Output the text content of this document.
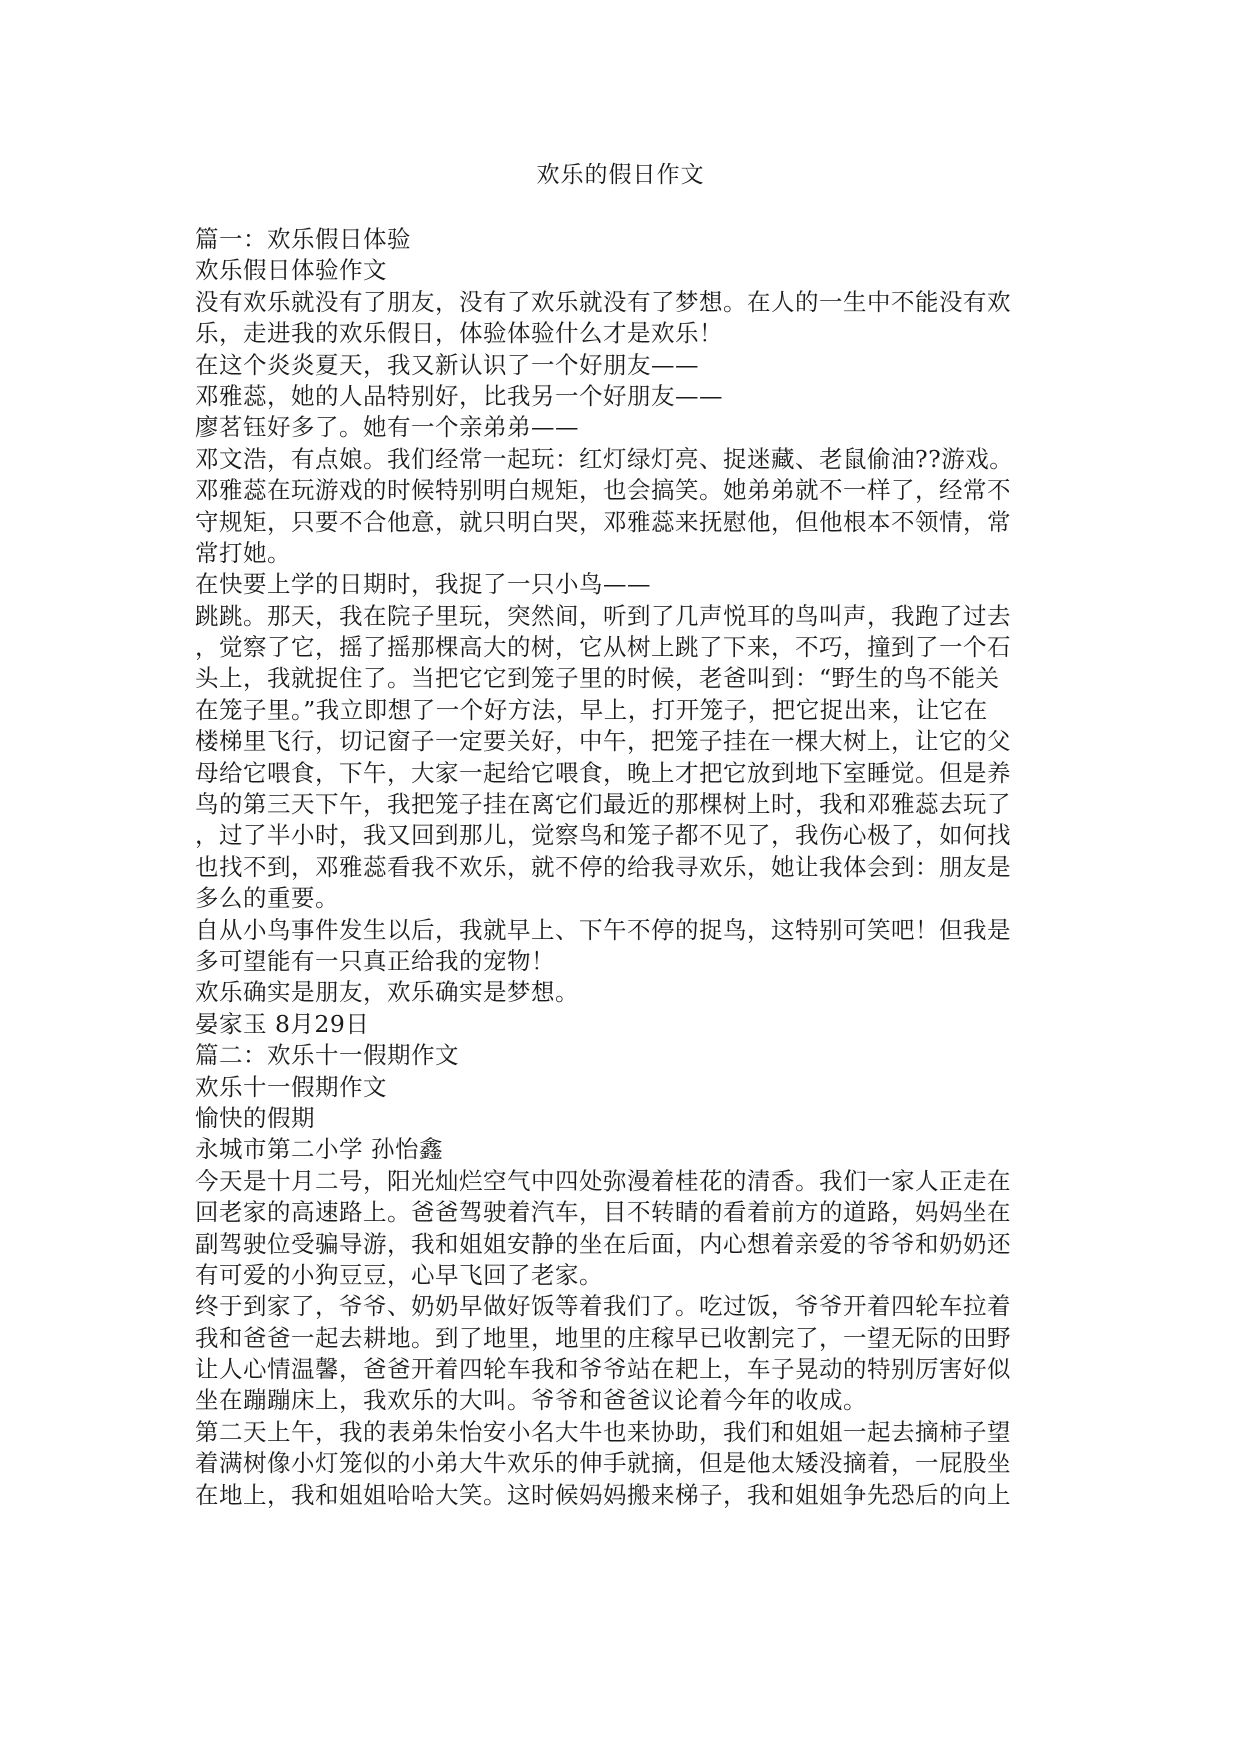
欢乐的假日作文
篇一：欢乐假日体验
欢乐假日体验作文
没有欢乐就没有了朋友，没有了欢乐就没有了梦想。在人的一生中不能没有欢
乐，走进我的欢乐假日，体验体验什么才是欢乐！
在这个炎炎夏天，我又新认识了一个好朋友——
邓雅蕊，她的人品特别好，比我另一个好朋友——
廖茗钰好多了。她有一个亲弟弟——
邓文浩，有点娘。我们经常一起玩：红灯绿灯亮、捉迷藏、老鼠偷油??游戏。
邓雅蕊在玩游戏的时候特别明白规矩，也会搞笑。她弟弟就不一样了，经常不
守规矩，只要不合他意，就只明白哭，邓雅蕊来抚慰他，但他根本不领情，常
常打她。
在快要上学的日期时，我捉了一只小鸟——
跳跳。那天，我在院子里玩，突然间，听到了几声悦耳的鸟叫声，我跑了过去
，觉察了它，摇了摇那棵高大的树，它从树上跳了下来，不巧，撞到了一个石
头上，我就捉住了。当把它它到笼子里的时候，老爸叫到：“野生的鸟不能关
在笼子里。”我立即想了一个好方法，早上，打开笼子，把它捉出来，让它在
楼梯里飞行，切记窗子一定要关好，中午，把笼子挂在一棵大树上，让它的父
母给它喂食，下午，大家一起给它喂食，晚上才把它放到地下室睡觉。但是养
鸟的第三天下午，我把笼子挂在离它们最近的那棵树上时，我和邓雅蕊去玩了
，过了半小时，我又回到那儿，觉察鸟和笼子都不见了，我伤心极了，如何找
也找不到，邓雅蕊看我不欢乐，就不停的给我寻欢乐，她让我体会到：朋友是
多么的重要。
自从小鸟事件发生以后，我就早上、下午不停的捉鸟，这特别可笑吧！但我是
多可望能有一只真正给我的宠物！
欢乐确实是朋友，欢乐确实是梦想。
晏家玉 8月29日
篇二：欢乐十一假期作文
欢乐十一假期作文
愉快的假期
永城市第二小学 孙怡鑫
今天是十月二号，阳光灿烂空气中四处弥漫着桂花的清香。我们一家人正走在
回老家的高速路上。爸爸驾驶着汽车，目不转睛的看着前方的道路，妈妈坐在
副驾驶位受骗导游，我和姐姐安静的坐在后面，内心想着亲爱的爷爷和奶奶还
有可爱的小狗豆豆，心早飞回了老家。
终于到家了，爷爷、奶奶早做好饭等着我们了。吃过饭，爷爷开着四轮车拉着
我和爸爸一起去耕地。到了地里，地里的庄稼早已收割完了，一望无际的田野
让人心情温馨，爸爸开着四轮车我和爷爷站在耙上，车子晃动的特别厉害好似
坐在蹦蹦床上，我欢乐的大叫。爷爷和爸爸议论着今年的收成。
第二天上午，我的表弟朱怡安小名大牛也来协助，我们和姐姐一起去摘柿子望
着满树像小灯笼似的小弟大牛欢乐的伸手就摘，但是他太矮没摘着，一屁股坐
在地上，我和姐姐哈哈大笑。这时候妈妈搬来梯子，我和姐姐争先恐后的向上
